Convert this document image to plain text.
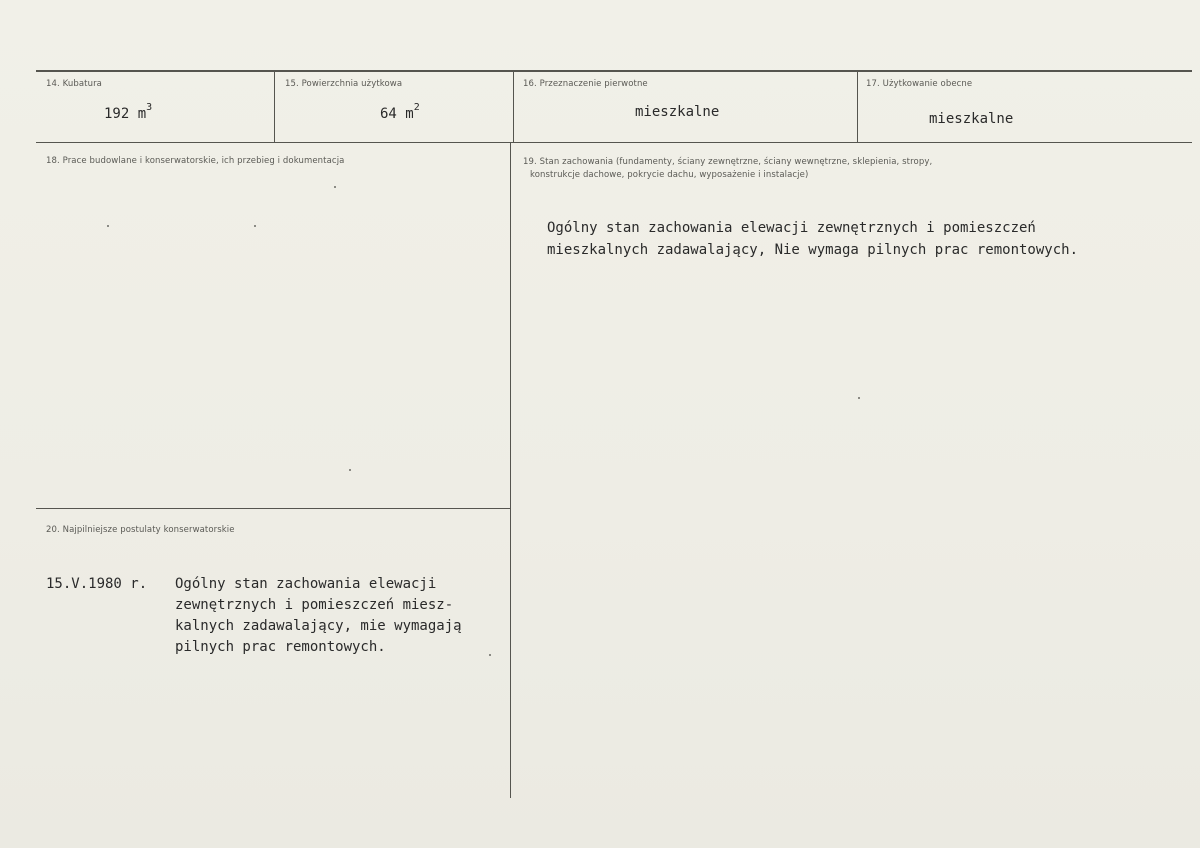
14. Kubatura
192 $m^3$
15. Powierzchnia użytkowa
64 $m^2$
16. Przeznaczenie pierwotne
mieszkalne
17. Użytkowanie obecne
mieszkalne
18. Prace budowlane i konserwatorskie, ich przebieg i dokumentacja	19. Stan zachowania (fundamenty, ściany zewnętrzne, ściany wewnętrzne, sklepienia, stropy,
konstrukcje dachowe, pokrycie dachu, wyposażenie i instalacje)
Ogólny stan zachowania elewacji zewnętrznych i pomieszczeń
mieszkalnych zadawalający, Nie wymaga pilnych prac remontowych.
20. Najpilniejsze postulaty konserwatorskie
15.V.1980 r. Ogólny stan zachowania elewacji
zewnętrznych i pomieszczeń miesz-
kalnych zadawalający, mie wymagają
pilnych prac remontowych.
